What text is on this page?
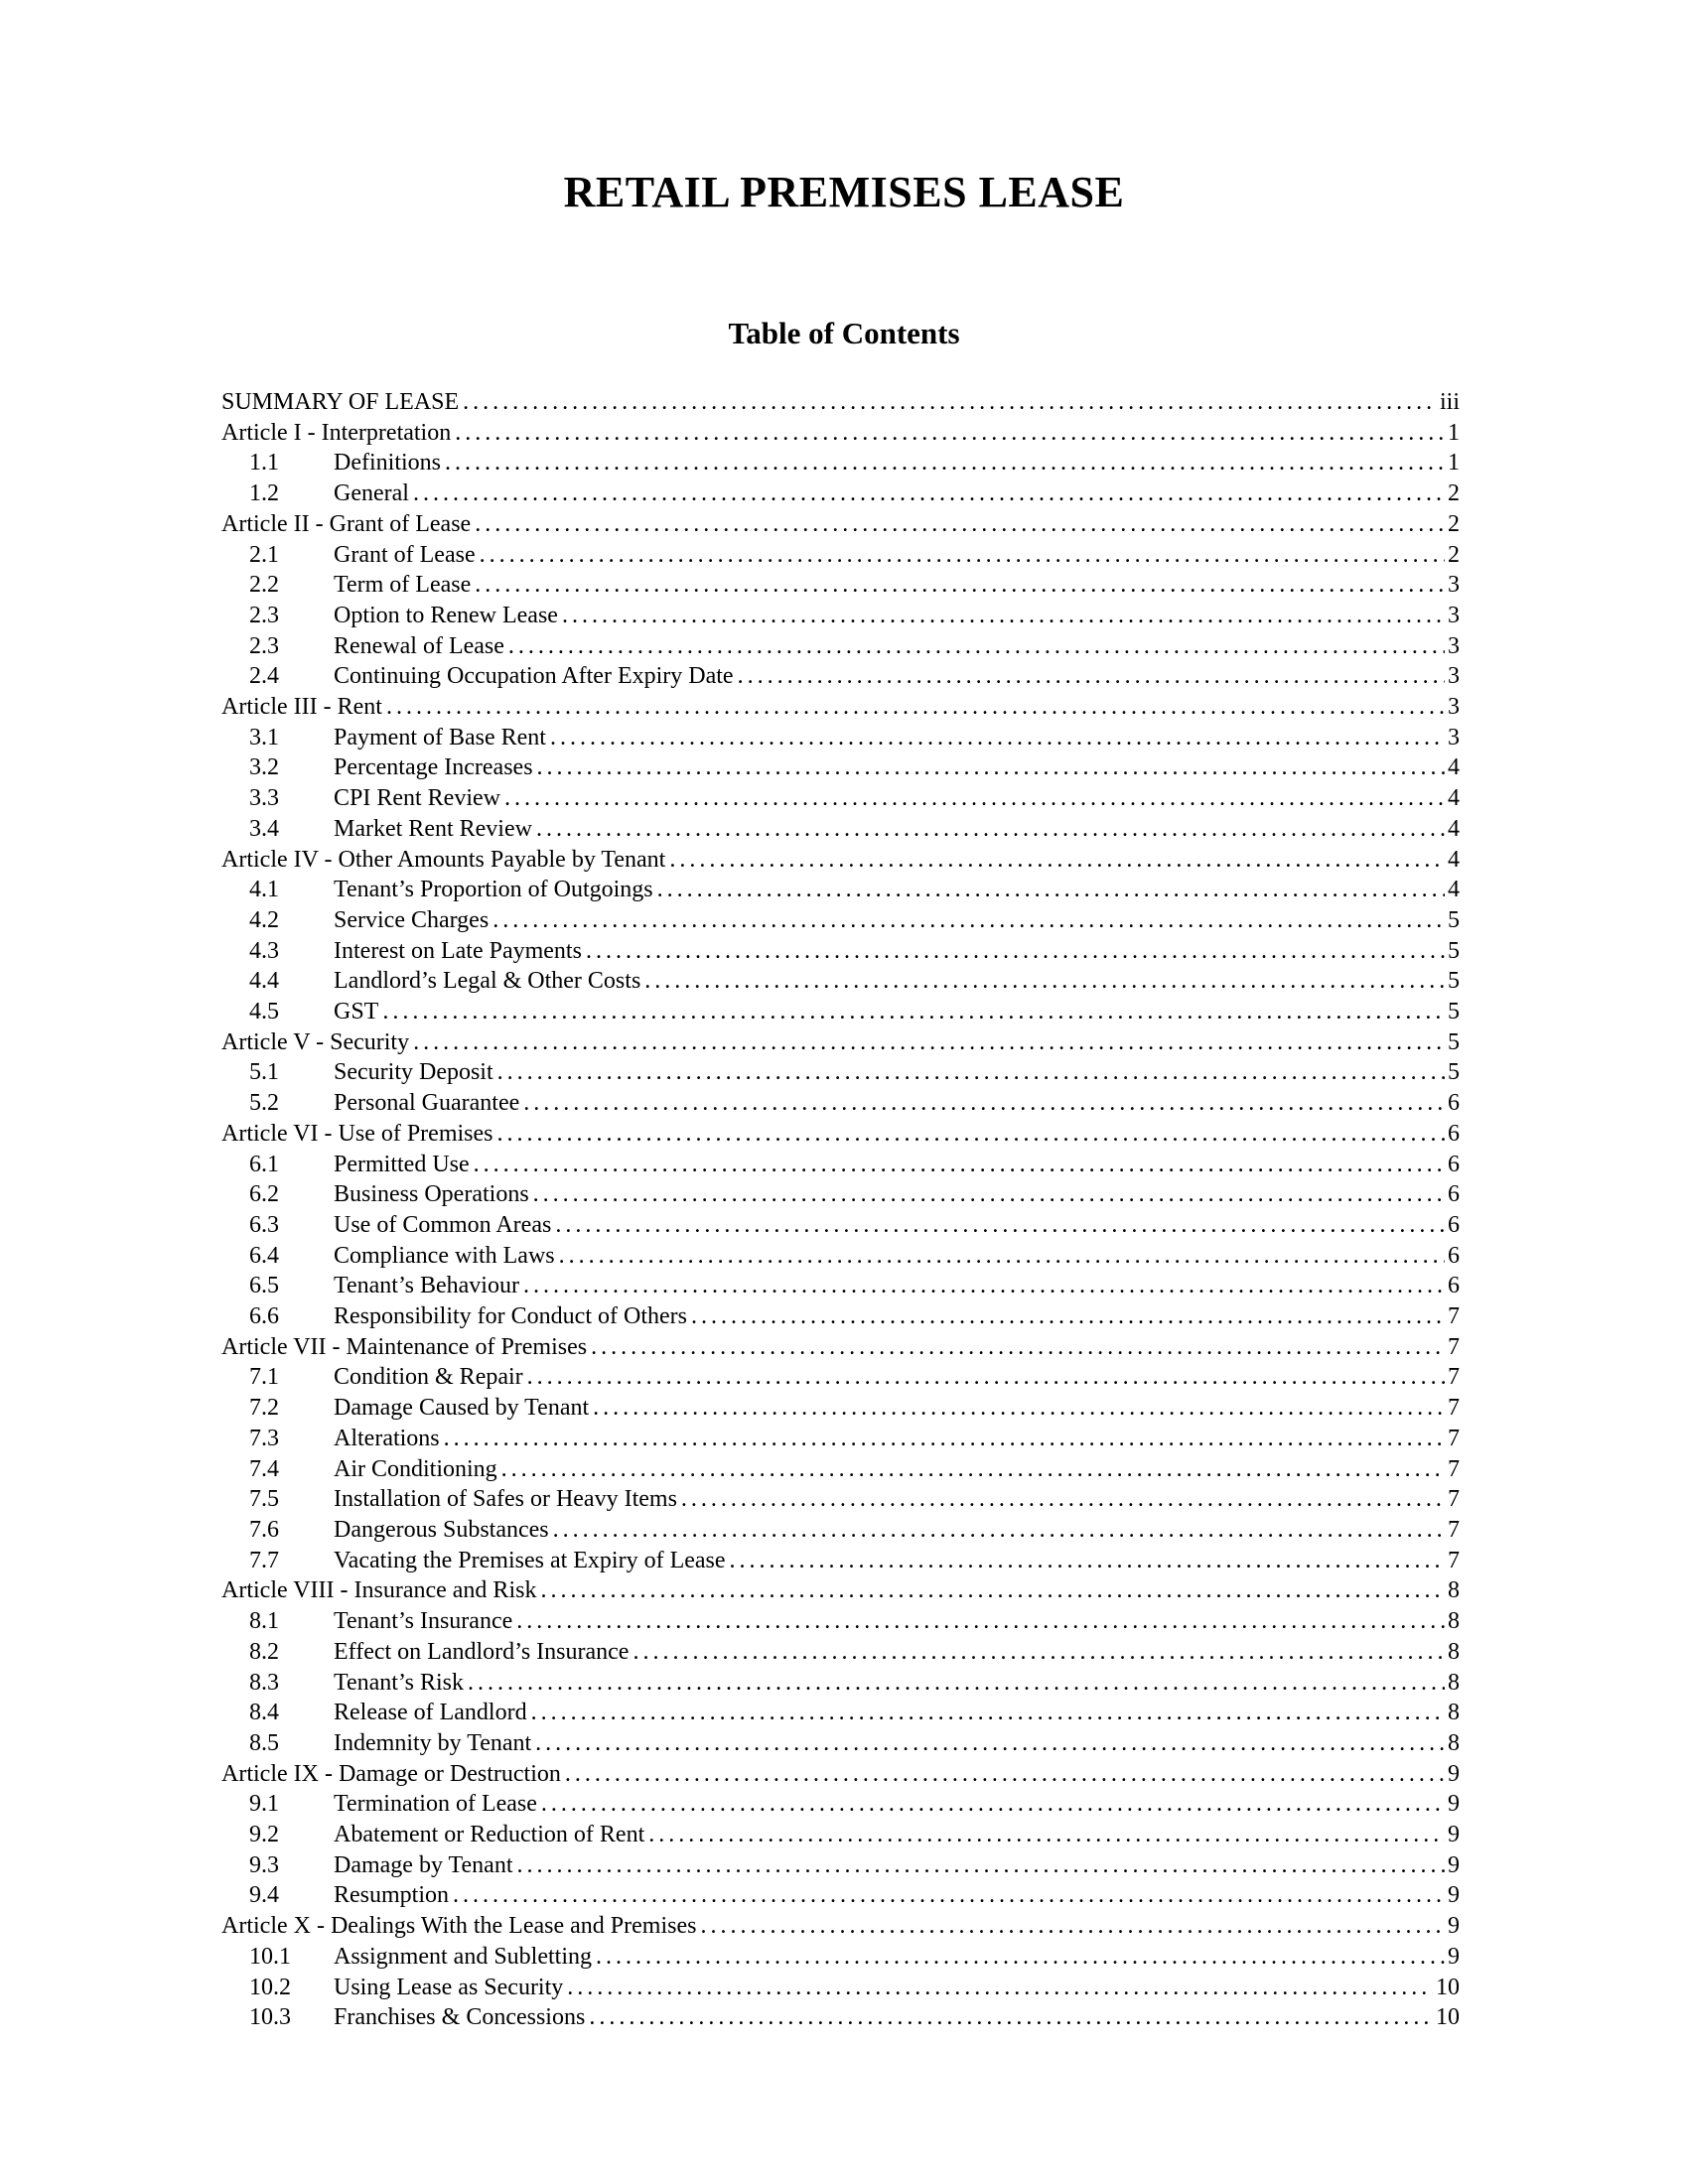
RETAIL PREMISES LEASE
Table of Contents
SUMMARY OF LEASE .....	iii
Article I - Interpretation .....	1
1.1	Definitions .....	1
1.2	General .....	2
Article II - Grant of Lease .....	2
2.1	Grant of Lease .....	2
2.2	Term of Lease .....	3
2.3	Option to Renew Lease .....	3
2.3	Renewal of Lease .....	3
2.4	Continuing Occupation After Expiry Date .....	3
Article III - Rent .....	3
3.1	Payment of Base Rent .....	3
3.2	Percentage Increases .....	4
3.3	CPI Rent Review .....	4
3.4	Market Rent Review .....	4
Article IV - Other Amounts Payable by Tenant .....	4
4.1	Tenant’s Proportion of Outgoings .....	4
4.2	Service Charges .....	5
4.3	Interest on Late Payments .....	5
4.4	Landlord’s Legal & Other Costs .....	5
4.5	GST .....	5
Article V - Security .....	5
5.1	Security Deposit .....	5
5.2	Personal Guarantee .....	6
Article VI - Use of Premises .....	6
6.1	Permitted Use .....	6
6.2	Business Operations .....	6
6.3	Use of Common Areas .....	6
6.4	Compliance with Laws .....	6
6.5	Tenant’s Behaviour .....	6
6.6	Responsibility for Conduct of Others .....	7
Article VII - Maintenance of Premises .....	7
7.1	Condition & Repair .....	7
7.2	Damage Caused by Tenant .....	7
7.3	Alterations .....	7
7.4	Air Conditioning .....	7
7.5	Installation of Safes or Heavy Items .....	7
7.6	Dangerous Substances .....	7
7.7	Vacating the Premises at Expiry of Lease .....	7
Article VIII - Insurance and Risk .....	8
8.1	Tenant’s Insurance .....	8
8.2	Effect on Landlord’s Insurance .....	8
8.3	Tenant’s Risk .....	8
8.4	Release of Landlord .....	8
8.5	Indemnity by Tenant .....	8
Article IX - Damage or Destruction .....	9
9.1	Termination of Lease .....	9
9.2	Abatement or Reduction of Rent .....	9
9.3	Damage by Tenant .....	9
9.4	Resumption .....	9
Article X - Dealings With the Lease and Premises .....	9
10.1	Assignment and Subletting .....	9
10.2	Using Lease as Security .....	10
10.3	Franchises & Concessions .....	10
